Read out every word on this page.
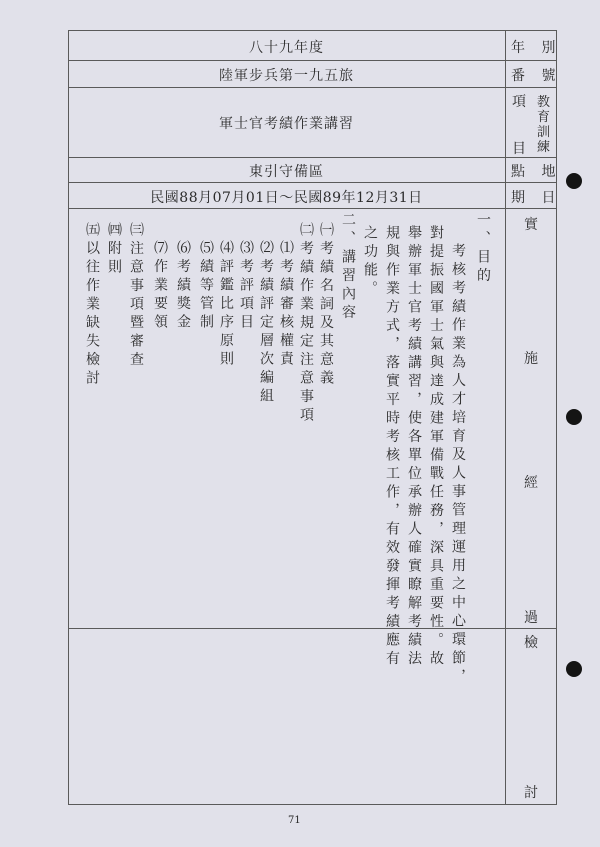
八十九年度
陸軍步兵第一九五旅
軍士官考績作業講習
東引守備區
民國88月07月01日～民國89年12月31日
年 別
番 號
項
目
教
育
訓
練
點 地
期 日
實
施
經
過
檢
討
一、目的
考核考績作業為人才培育及人事管理運用之中心環節，
對提振國軍士氣與達成建軍備戰任務，深具重要性。故
舉辦軍士官考績講習，使各單位承辦人確實瞭解考績法
規與作業方式，落實平時考核工作，有效發揮考績應有
之功能。
二、講習內容
㈠考績名詞及其意義
㈡考績作業規定注意事項
⑴考績審核權責
⑵考績評定層次編組
⑶考評項目
⑷評鑑比序原則
⑸績等管制
⑹考績獎金
⑺作業要領
㈢注意事項暨審查
㈣附則
㈤以往作業缺失檢討
71
